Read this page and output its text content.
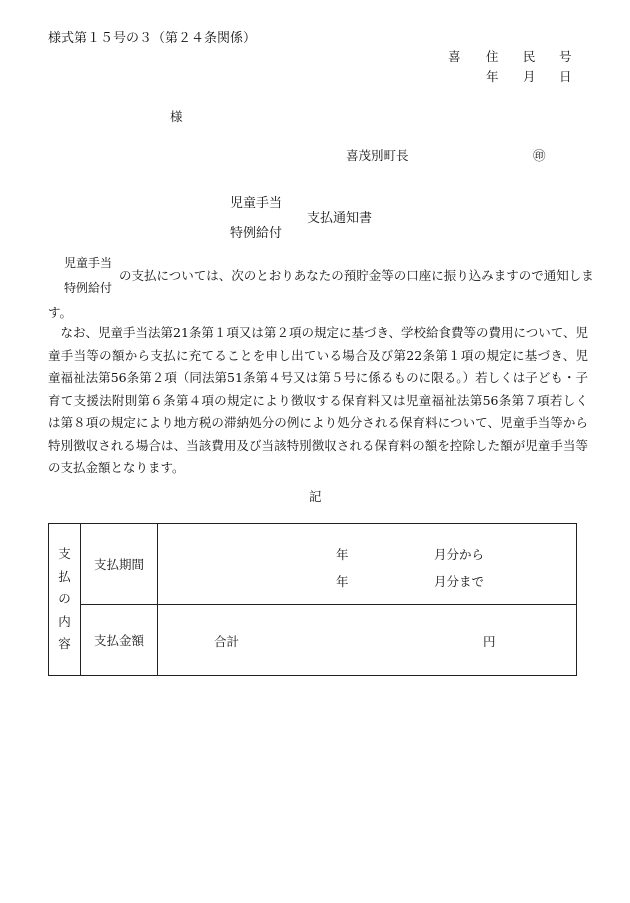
様式第１５号の３（第２４条関係）
喜 住 民 号
年 月 日
様
喜茂別町長	㊞
児童手当
特例給付
支払通知書
児童手当
特例給付
の支払については、次のとおりあなたの預貯金等の口座に振り込みますので通知しま
す。
なお、児童手当法第21条第１項又は第２項の規定に基づき、学校給食費等の費用について、児童手当等の額から支払に充てることを申し出ている場合及び第22条第１項の規定に基づき、児童福祉法第56条第２項（同法第51条第４号又は第５号に係るものに限る。）若しくは子ども・子育て支援法附則第６条第４項の規定により徴収する保育料又は児童福祉法第56条第７項若しくは第８項の規定により地方税の滞納処分の例により処分される保育料について、児童手当等から特別徴収される場合は、当該費用及び当該特別徴収される保育料の額を控除した額が児童手当等の支払金額となります。
記
支
払
の
内
容	支払期間	年 月分から
年 月分まで

	支払金額	合計 円
